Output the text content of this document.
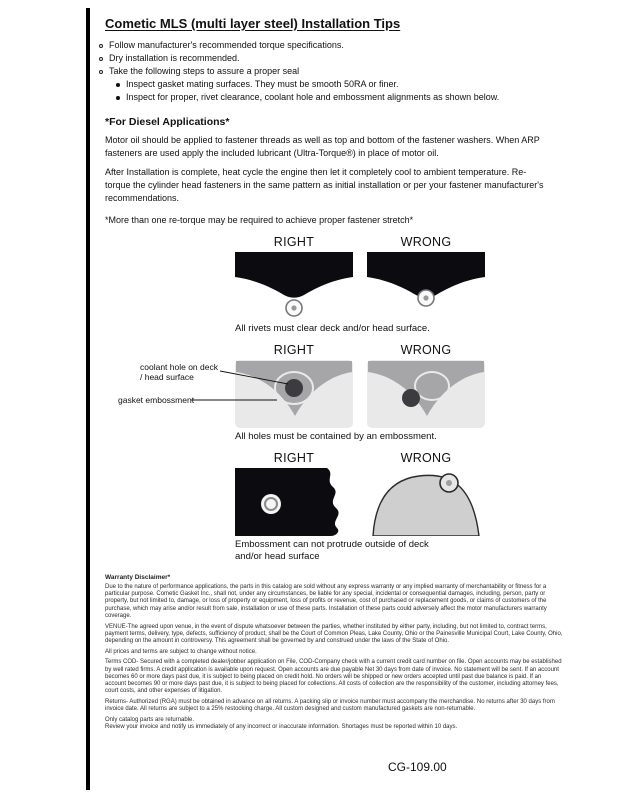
Cometic MLS (multi layer steel) Installation Tips
Follow manufacturer's recommended torque specifications.
Dry installation is recommended.
Take the following steps to assure a proper seal
Inspect gasket mating surfaces. They must be smooth 50RA or finer.
Inspect for proper, rivet clearance, coolant hole and embossment alignments as shown below.
*For Diesel Applications*

Motor oil should be applied to fastener threads as well as top and bottom of the fastener washers. When ARP fasteners are used apply the included lubricant (Ultra-Torque®) in place of motor oil.

After Installation is complete, heat cycle the engine then let it completely cool to ambient temperature. Re-torque the cylinder head fasteners in the same pattern as initial installation or per your fastener manufacturer's recommendations.

*More than one re-torque may be required to achieve proper fastener stretch*
RIGHT	WRONG
All rivets must clear deck and/or head surface.
coolant hole on deck / head surface
gasket embossment
RIGHT	WRONG
All holes must be contained by an embossment.
RIGHT	WRONG
Embossment can not protrude outside of deck and/or head surface
Warranty Disclaimer*

Due to the nature of performance applications, the parts in this catalog are sold without any express warranty or any implied warranty of merchantability or fitness for a particular purpose. Cometic Gasket Inc., shall not, under any circumstances, be liable for any special, incidental or consequential damages, including, person, party or property, but not limited to, damage, or loss of property or equipment, loss of profits or revenue, cost of purchased or replacement goods, or claims of customers of the purchase, which may arise and/or result from sale, installation or use of these parts. Installation of these parts could adversely affect the motor manufacturers warranty coverage.

VENUE-The agreed upon venue, in the event of dispute whatsoever between the parties, whether instituted by either party, including, but not limited to, contract terms, payment terms, delivery, type, defects, sufficiency of product, shall be the Court of Common Pleas, Lake County, Ohio or the Painesville Municipal Court, Lake County, Ohio, depending on the amount in controversy. This agreement shall be governed by and construed under the laws of the State of Ohio.

All prices and terms are subject to change without notice.

Terms COD- Secured with a completed dealer/jobber application on File, COD-Company check with a current credit card number on file. Open accounts may be established by well rated firms. A credit application is available upon request. Open accounts are due payable Net 30 days from date of invoice. No statement will be sent. If an account becomes 60 or more days past due, it is subject to being placed on credit hold. No orders will be shipped or new orders accepted until past due balance is paid. If an account becomes 90 or more days past due, it is subject to being placed for collections. All costs of collection are the responsibility of the customer, including attorney fees, court costs, and other expenses of litigation.

Returns- Authorized (RGA) must be obtained in advance on all returns. A packing slip or invoice number must accompany the merchandise. No returns after 30 days from invoice date. All returns are subject to a 25% restocking charge. All custom designed and custom manufactured gaskets are non-returnable.

Only catalog parts are returnable.

Review your invoice and notify us immediately of any incorrect or inaccurate information. Shortages must be reported within 10 days.

CG-109.00
